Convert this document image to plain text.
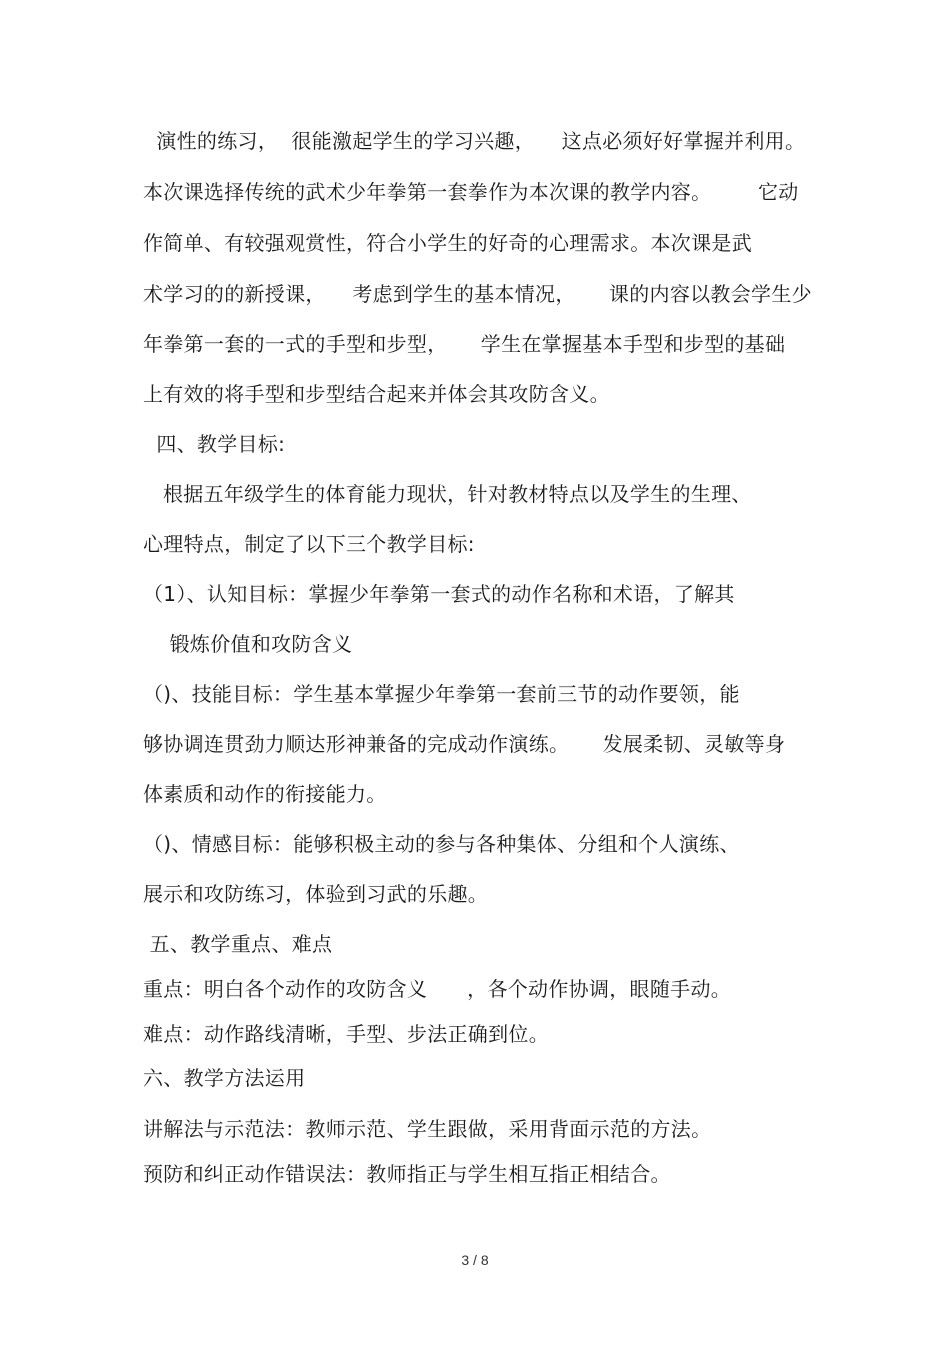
演性的练习，  很能激起学生的学习兴趣，    这点必须好好掌握并利用。
本次课选择传统的武术少年拳第一套拳作为本次课的教学内容。       它动
作简单、有较强观赏性，符合小学生的好奇的心理需求。本次课是武
术学习的的新授课，    考虑到学生的基本情况，     课的内容以教会学生少
年拳第一套的一式的手型和步型，     学生在掌握基本手型和步型的基础
上有效的将手型和步型结合起来并体会其攻防含义。
四、教学目标:
根据五年级学生的体育能力现状，针对教材特点以及学生的生理、
心理特点，制定了以下三个教学目标:
（1）、认知目标：掌握少年拳第一套式的动作名称和术语，了解其
锻炼价值和攻防含义
（)、技能目标：学生基本掌握少年拳第一套前三节的动作要领，能
够协调连贯劲力顺达形神兼备的完成动作演练。     发展柔韧、灵敏等身
体素质和动作的衔接能力。
（)、情感目标：能够积极主动的参与各种集体、分组和个人演练、
展示和攻防练习，体验到习武的乐趣。
五、教学重点、难点
重点：明白各个动作的攻防含义      ，各个动作协调，眼随手动。
难点：动作路线清晰，手型、步法正确到位。
六、教学方法运用
讲解法与示范法：教师示范、学生跟做，采用背面示范的方法。
预防和纠正动作错误法：教师指正与学生相互指正相结合。
3 / 8
